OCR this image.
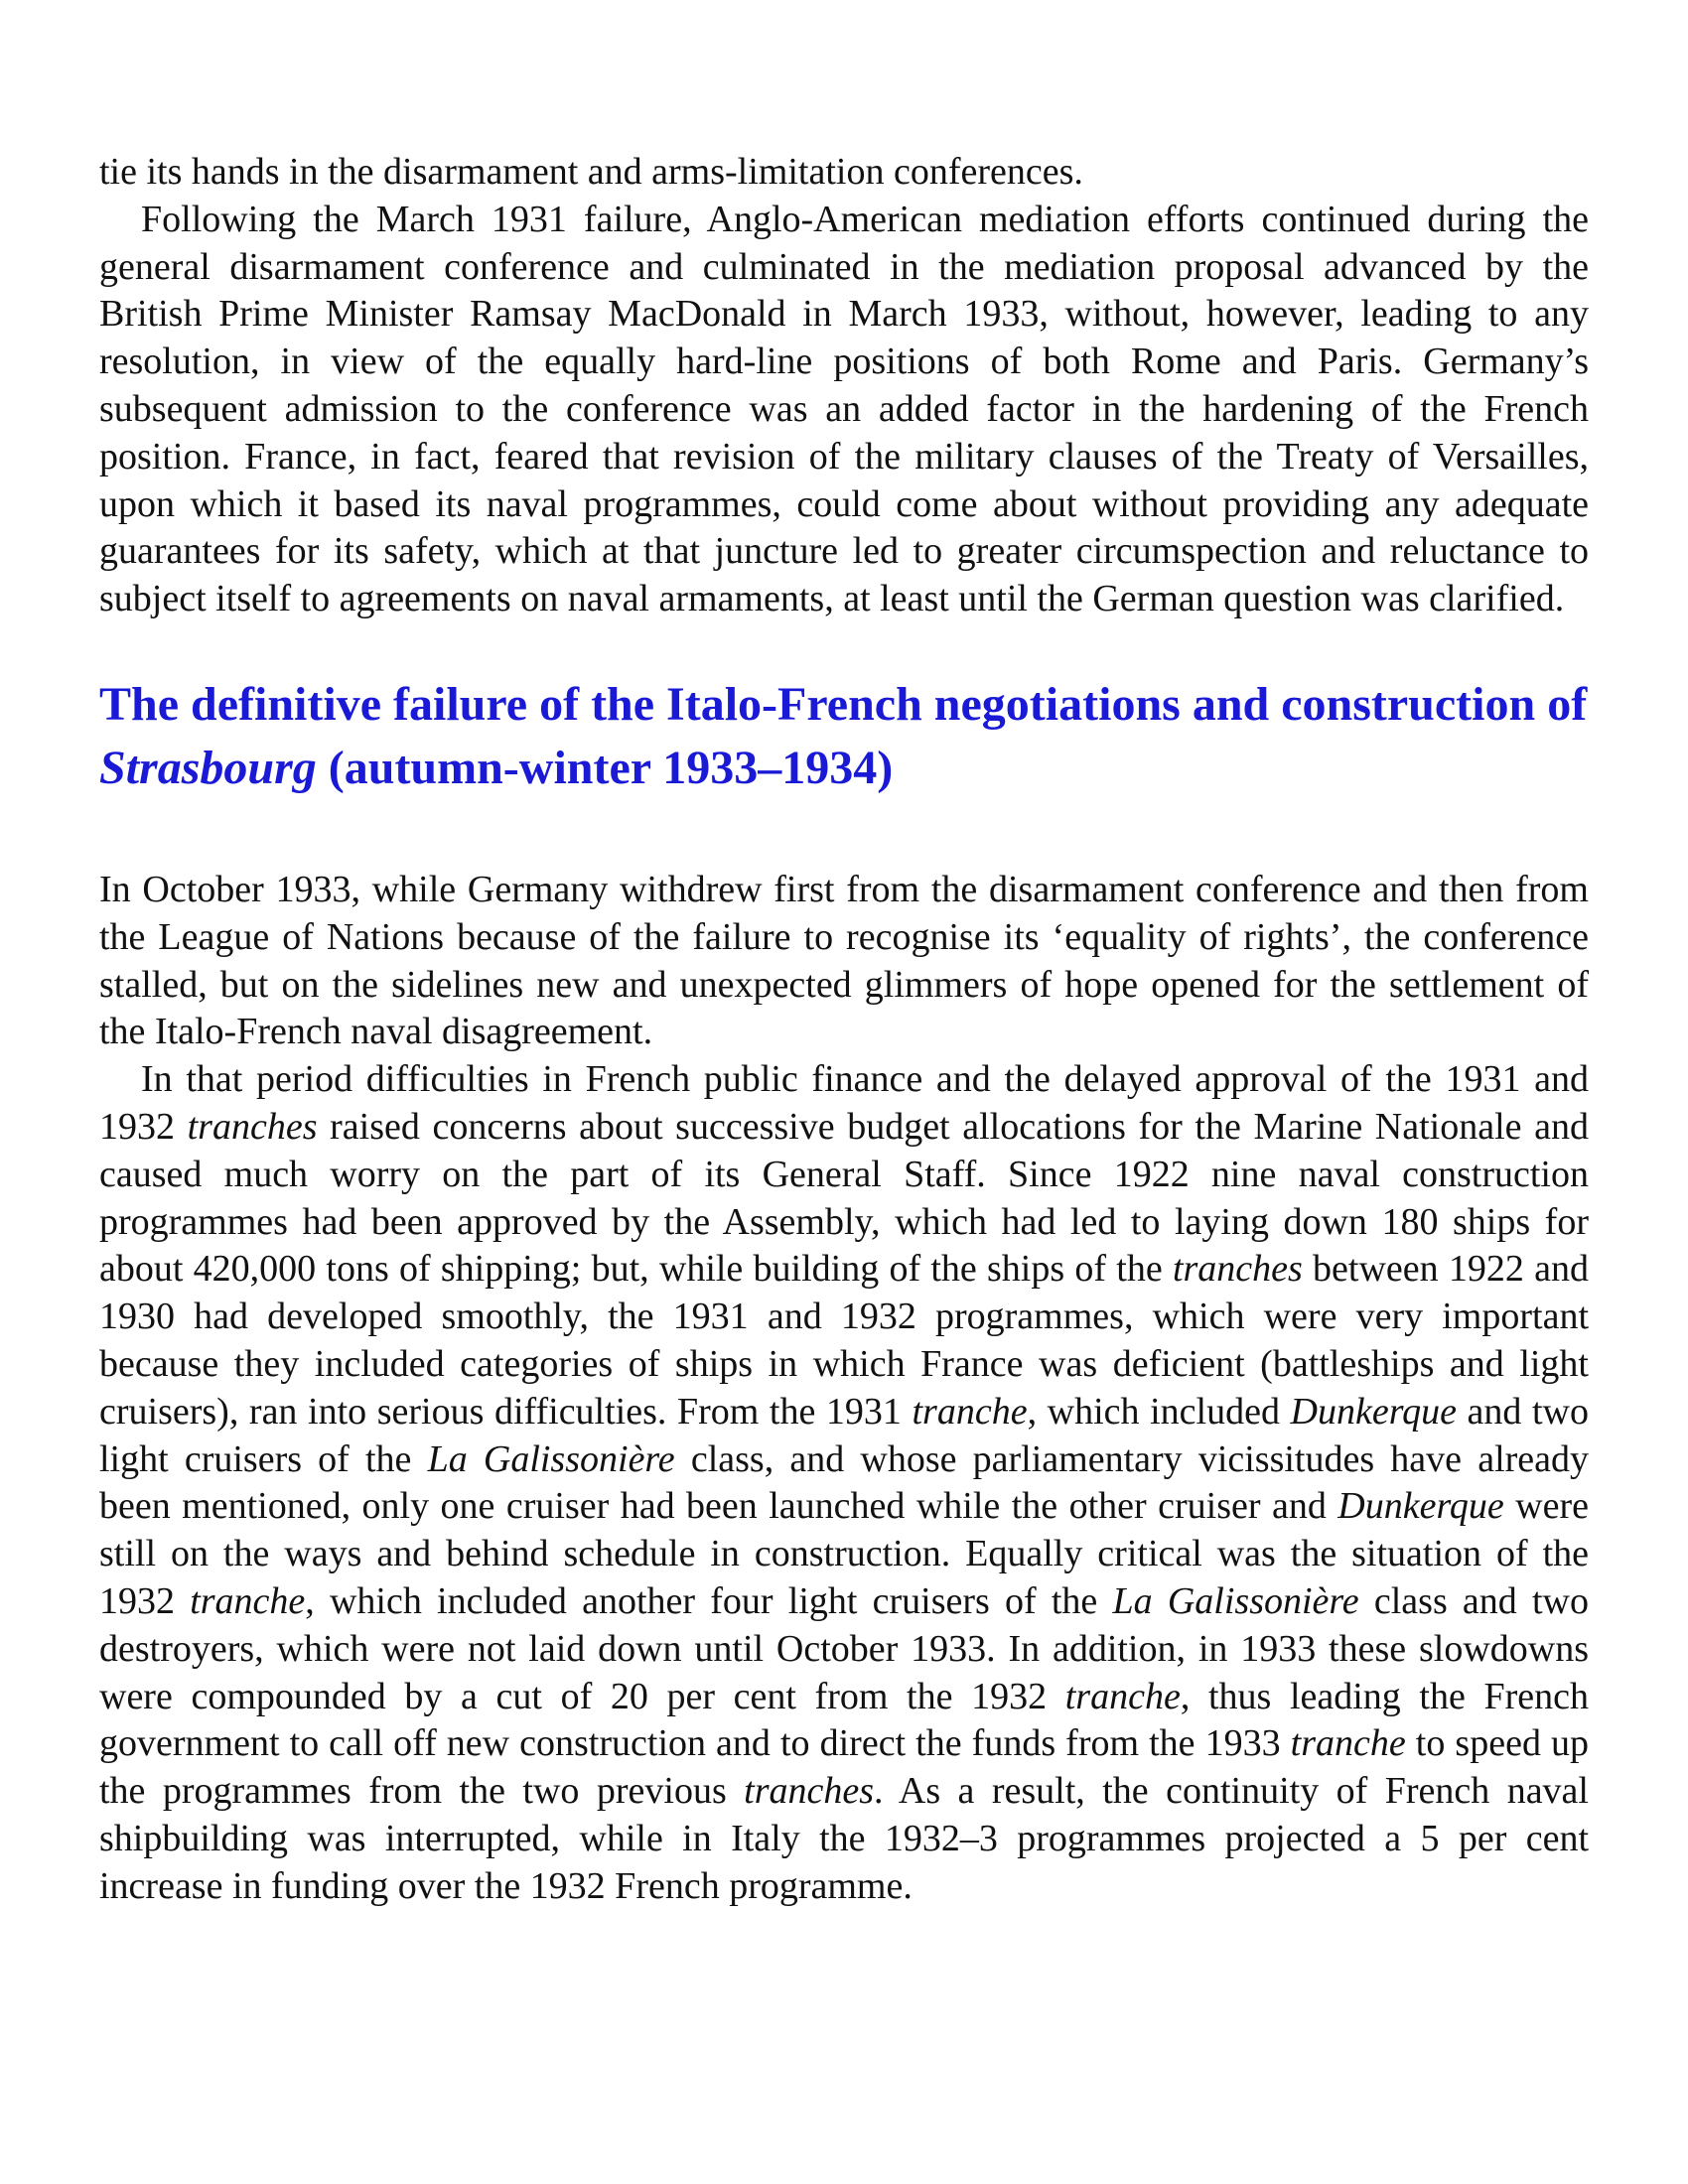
tie its hands in the disarmament and arms-limitation conferences.

Following the March 1931 failure, Anglo-American mediation efforts continued during the general disarmament conference and culminated in the mediation proposal advanced by the British Prime Minister Ramsay MacDonald in March 1933, without, however, leading to any resolution, in view of the equally hard-line positions of both Rome and Paris. Germany’s subsequent admission to the conference was an added factor in the hardening of the French position. France, in fact, feared that revision of the military clauses of the Treaty of Versailles, upon which it based its naval programmes, could come about without providing any adequate guarantees for its safety, which at that juncture led to greater circumspection and reluctance to subject itself to agreements on naval armaments, at least until the German question was clarified.

The definitive failure of the Italo-French negotiations and construction of Strasbourg (autumn-winter 1933–1934)

In October 1933, while Germany withdrew first from the disarmament conference and then from the League of Nations because of the failure to recognise its ‘equality of rights’, the conference stalled, but on the sidelines new and unexpected glimmers of hope opened for the settlement of the Italo-French naval disagreement.

In that period difficulties in French public finance and the delayed approval of the 1931 and 1932 tranches raised concerns about successive budget allocations for the Marine Nationale and caused much worry on the part of its General Staff. Since 1922 nine naval construction programmes had been approved by the Assembly, which had led to laying down 180 ships for about 420,000 tons of shipping; but, while building of the ships of the tranches between 1922 and 1930 had developed smoothly, the 1931 and 1932 programmes, which were very important because they included categories of ships in which France was deficient (battleships and light cruisers), ran into serious difficulties. From the 1931 tranche, which included Dunkerque and two light cruisers of the La Galissonière class, and whose parliamentary vicissitudes have already been mentioned, only one cruiser had been launched while the other cruiser and Dunkerque were still on the ways and behind schedule in construction. Equally critical was the situation of the 1932 tranche, which included another four light cruisers of the La Galissonière class and two destroyers, which were not laid down until October 1933. In addition, in 1933 these slowdowns were compounded by a cut of 20 per cent from the 1932 tranche, thus leading the French government to call off new construction and to direct the funds from the 1933 tranche to speed up the programmes from the two previous tranches. As a result, the continuity of French naval shipbuilding was interrupted, while in Italy the 1932–3 programmes projected a 5 per cent increase in funding over the 1932 French programme.
